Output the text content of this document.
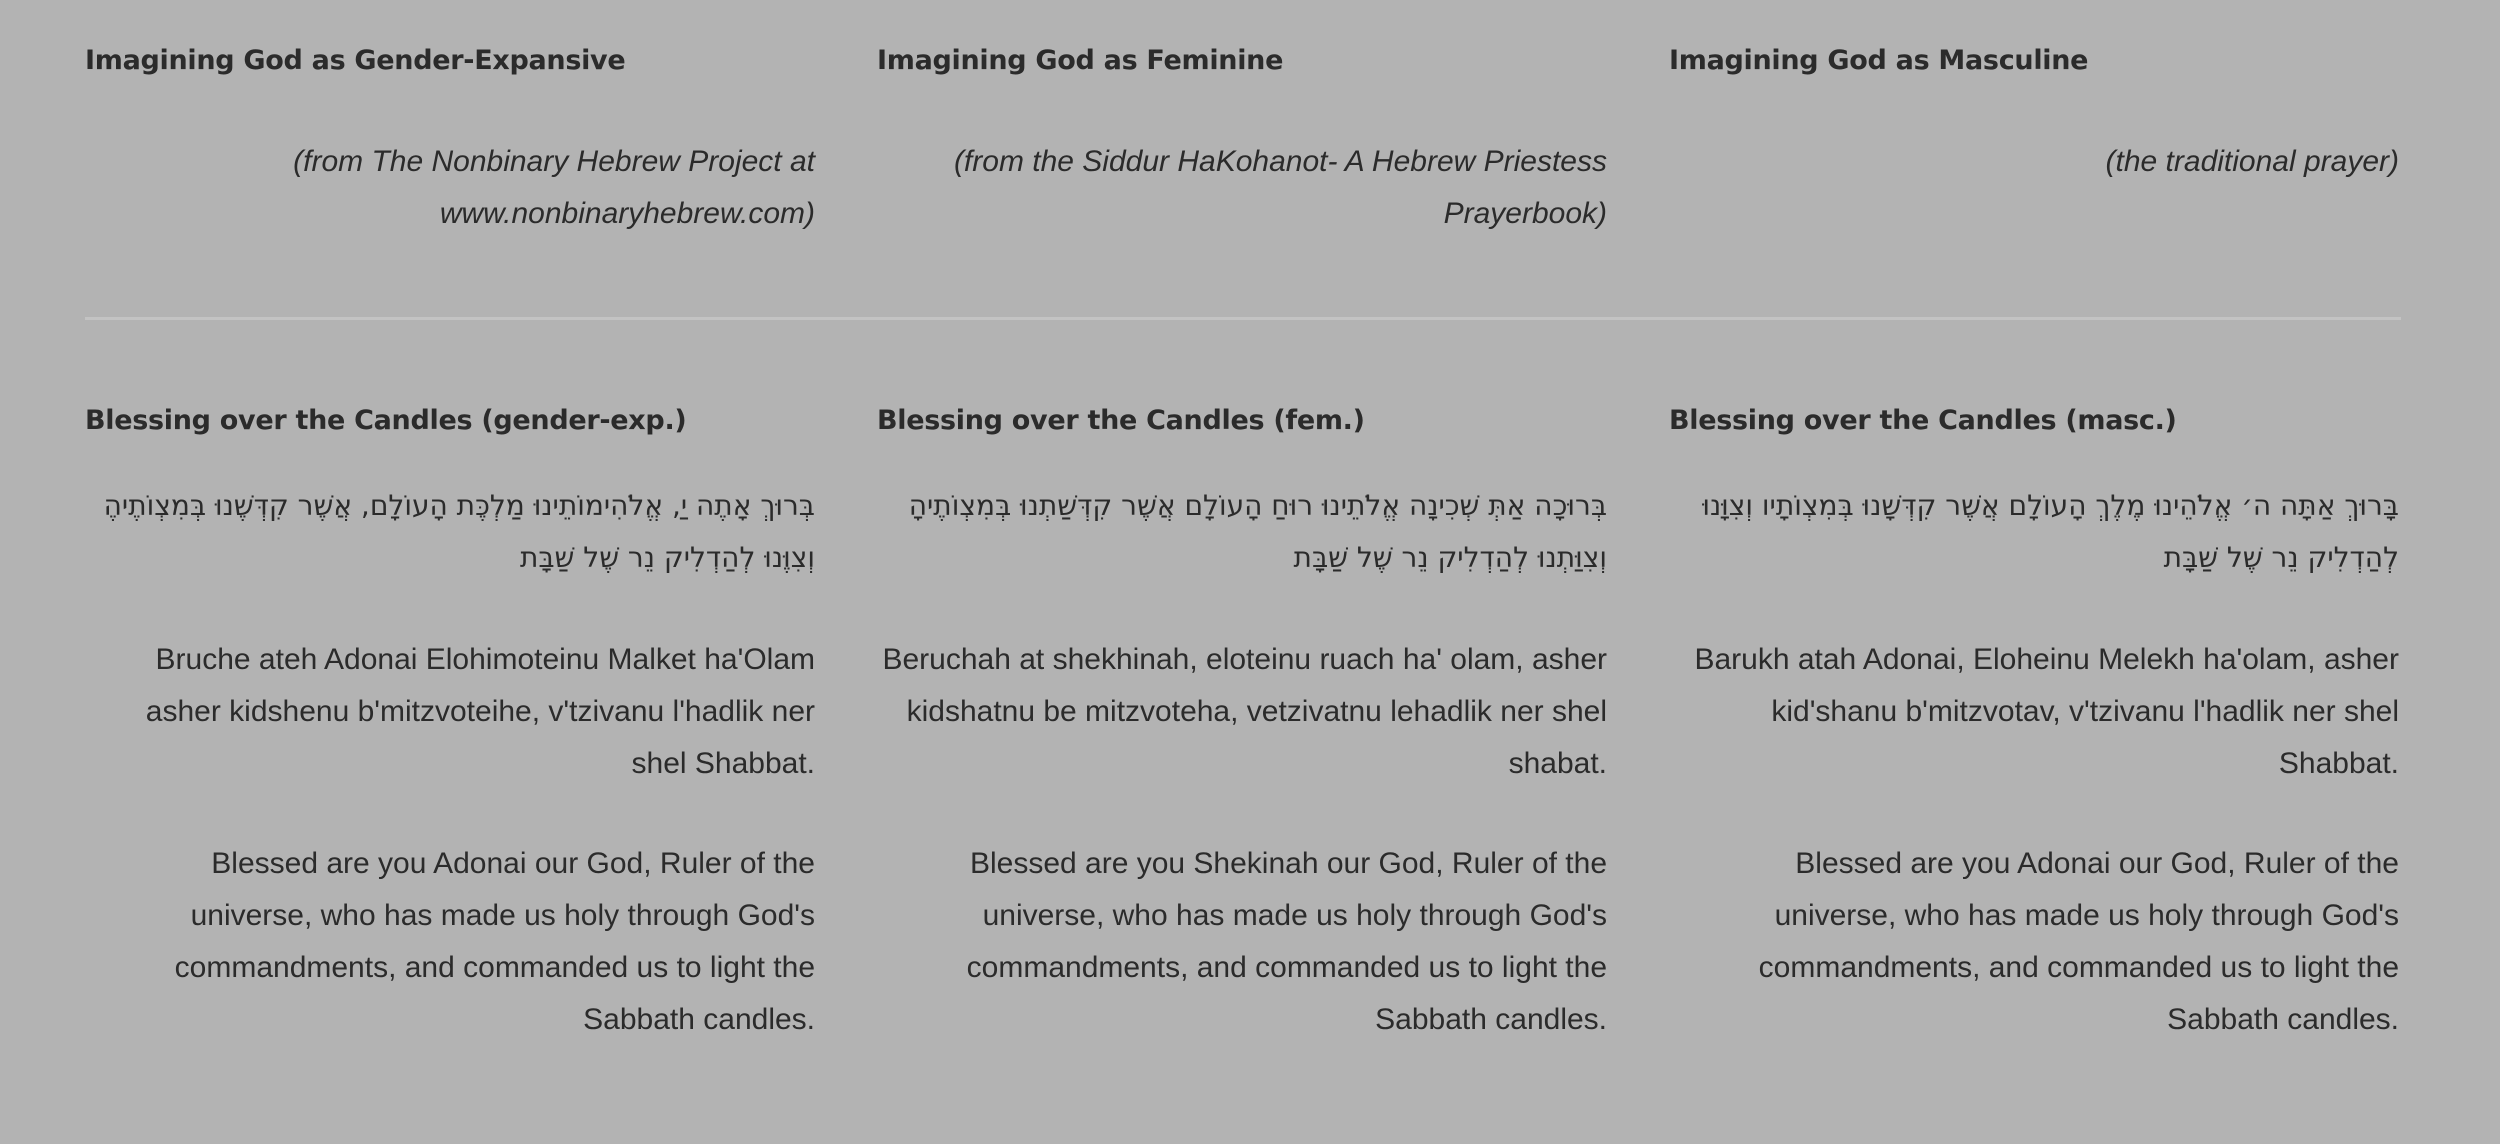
Imagining God as Gender-Expansive
(from The Nonbinary Hebrew Project at www.nonbinaryhebrew.com)
Imagining God as Feminine
(from the Siddur HaKohanot- A Hebrew Priestess Prayerbook)
Imagining God as Masculine
(the traditional prayer)
Blessing over the Candles (gender-exp.)
בְּרוּךְ אָתֶה יַ, אֱלֹהִימוֹתֵינוּ מַלְכֶּת הָעוֹלָם, אֲשֶׁר קִדְּשֶׁנוּ בְּמִצְוֹתֶיהֶ וְצִוֶּנוּ לְהַדְלִיק נֵר שֶׁל שַׁבָּת
Bruche ateh Adonai Elohimoteinu Malket ha'Olam asher kidshenu b'mitzvoteihe, v'tzivanu l'hadlik ner shel Shabbat.
Blessed are you Adonai our God, Ruler of the universe, who has made us holy through God's commandments, and commanded us to light the Sabbath candles.
Blessing over the Candles (fem.)
בְּרוּכָה אַתְּ שְׁכִינָה אֱלֹתֵינוּ רוּחַ הָעוֹלָם אֲשֶׁר קִדְּשַׁתְנוּ בְּמִצְוֹתֶיהָ וְצִוַּתְנוּ לְהַדְלִיק נֵר שֶׁל שַׁבָּת
Beruchah at shekhinah, eloteinu ruach ha' olam, asher kidshatnu be mitzvoteha, vetzivatnu lehadlik ner shel shabat.
Blessed are you Shekinah our God, Ruler of the universe, who has made us holy through God's commandments, and commanded us to light the Sabbath candles.
Blessing over the Candles (masc.)
בָּרוּךְ אַתָּה ה׳ אֱלֹהֵינוּ מֶלֶךְ הָעוֹלָם אֲשֶׁר קִדְּשָׁנוּ בְּמִצְוֹתָיו וְצִוָּנוּ לְהַדְלִיק נֵר שֶׁל שַׁבָּת
Barukh atah Adonai, Eloheinu Melekh ha'olam, asher kid'shanu b'mitzvotav, v'tzivanu l'hadlik ner shel Shabbat.
Blessed are you Adonai our God, Ruler of the universe, who has made us holy through God's commandments, and commanded us to light the Sabbath candles.
